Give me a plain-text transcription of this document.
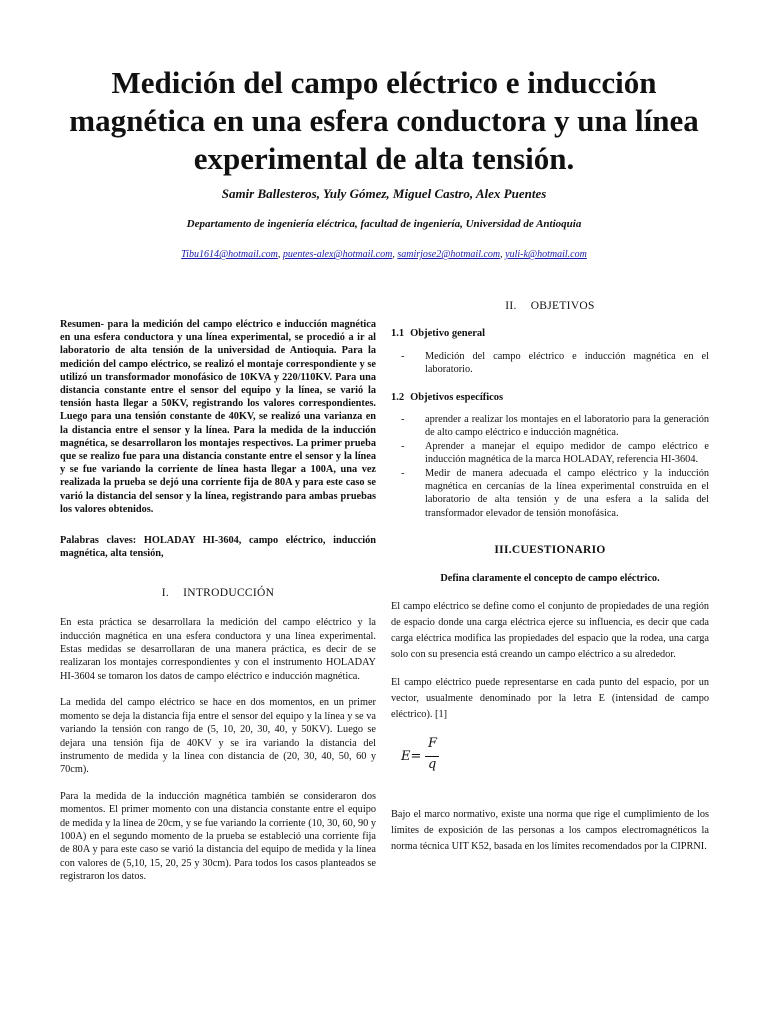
Medición del campo eléctrico e inducción magnética en una esfera conductora y una línea experimental de alta tensión.
Samir Ballesteros, Yuly Gómez, Miguel Castro, Alex Puentes
Departamento de ingeniería eléctrica, facultad de ingeniería, Universidad de Antioquia
Tibu1614@hotmail.com, puentes-alex@hotmail.com, samirjose2@hotmail.com, yuli-k@hotmail.com

Resumen- para la medición del campo eléctrico e inducción magnética en una esfera conductora y una línea experimental, se procedió a ir al laboratorio de alta tensión de la universidad de Antioquia. Para la medición del campo eléctrico, se realizó el montaje correspondiente y se utilizó un transformador monofásico de 10KVA y 220/110KV. Para una distancia constante entre el sensor del equipo y la línea, se varió la tensión hasta llegar a 50KV, registrando los valores correspondientes. Luego para una tensión constante de 40KV, se realizó una varianza en la distancia entre el sensor y la línea. Para la medida de la inducción magnética, se desarrollaron los montajes respectivos. La primer prueba que se realizo fue para una distancia constante entre el sensor y la línea y se fue variando la corriente de línea hasta llegar a 100A, una vez realizada la prueba se dejó una corriente fija de 80A y para este caso se varió la distancia del sensor y la línea, registrando para ambas pruebas los valores obtenidos.

Palabras claves: HOLADAY HI-3604, campo eléctrico, inducción magnética, alta tensión,

I. INTRODUCCIÓN

En esta práctica se desarrollara la medición del campo eléctrico y la inducción magnética en una esfera conductora y una línea experimental. Estas medidas se desarrollaran de una manera práctica, es decir de se realizaran los montajes correspondientes y con el instrumento HOLADAY HI-3604 se tomaron los datos de campo eléctrico e inducción magnética.

La medida del campo eléctrico se hace en dos momentos, en un primer momento se deja la distancia fija entre el sensor del equipo y la línea y se va variando la tensión con rango de (5, 10, 20, 30, 40, y 50KV). Luego se dejara una tensión fija de 40KV y se ira variando la distancia del instrumento de medida y la línea con distancia de (20, 30, 40, 50, 60 y 70cm).

Para la medida de la inducción magnética también se consideraron dos momentos. El primer momento con una distancia constante entre el equipo de medida y la línea de 20cm, y se fue variando la corriente (10, 30, 60, 90 y 100A) en el segundo momento de la prueba se estableció una corriente fija de 80A y para este caso se varió la distancia del equipo de medida y la línea con valores de (5,10, 15, 20, 25 y 30cm). Para todos los casos planteados se registraron los datos.

II. OBJETIVOS

1.1 Objetivo general

- Medición del campo eléctrico e inducción magnética en el laboratorio.

1.2 Objetivos específicos

- aprender a realizar los montajes en el laboratorio para la generación de alto campo eléctrico e inducción magnética.
- Aprender a manejar el equipo medidor de campo eléctrico e inducción magnética de la marca HOLADAY, referencia HI-3604.
- Medir de manera adecuada el campo eléctrico y la inducción magnética en cercanías de la línea experimental construida en el laboratorio de alta tensión y de una esfera a la salida del transformador elevador de tensión monofásica.

III.CUESTIONARIO

Defina claramente el concepto de campo eléctrico.

El campo eléctrico se define como el conjunto de propiedades de una región de espacio donde una carga eléctrica ejerce su influencia, es decir que cada carga eléctrica modifica las propiedades del espacio que la rodea, una carga solo con su presencia está creando un campo eléctrico a su alrededor.

El campo eléctrico puede representarse en cada punto del espacio, por un vector, usualmente denominado por la letra E (intensidad de campo eléctrico). [1]

E=
F
q

Bajo el marco normativo, existe una norma que rige el cumplimiento de los límites de exposición de las personas a los campos electromagnéticos la norma técnica UIT K52, basada en los límites recomendados por la CIPRNI.
